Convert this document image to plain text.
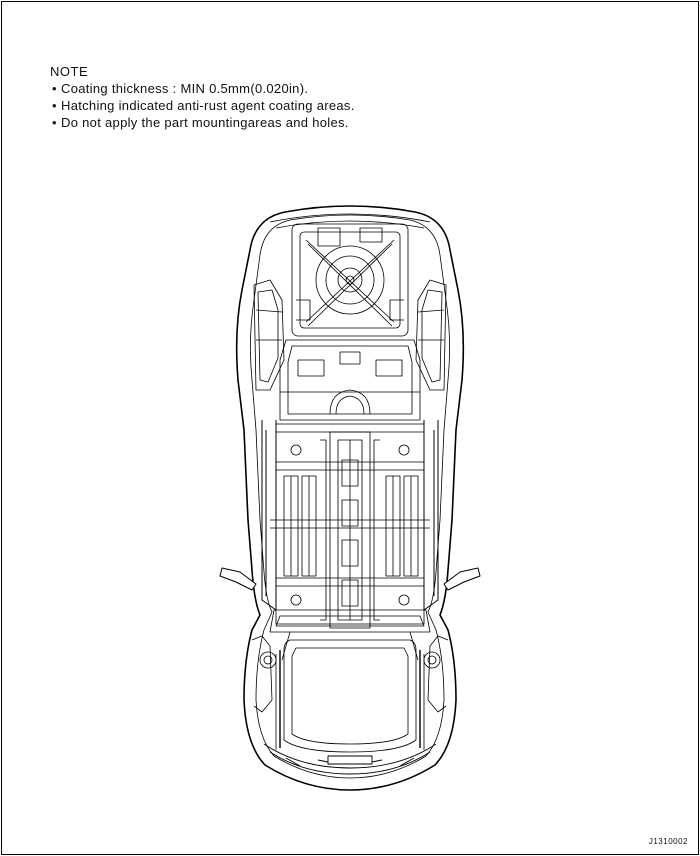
NOTE
• Coating thickness : MIN 0.5mm(0.020in).
• Hatching indicated anti-rust agent coating areas.
• Do not apply the part mountingareas and holes.
J1310002
